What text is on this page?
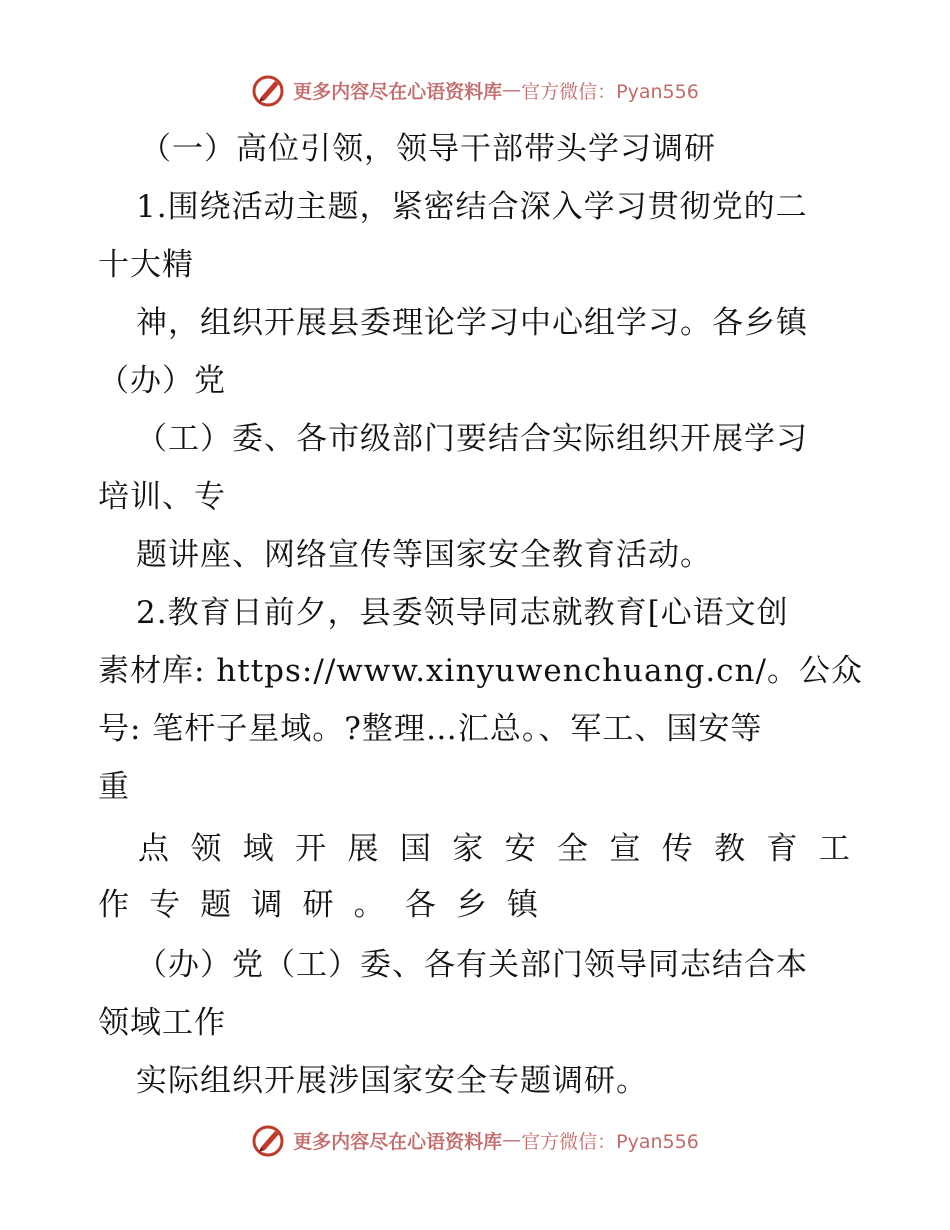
更多内容尽在心语资料库 — 官方微信：Pyan556
（一）高位引领，领导干部带头学习调研
1.围绕活动主题，紧密结合深入学习贯彻党的二
十大精
神，组织开展县委理论学习中心组学习。各乡镇
（办）党
（工）委、各市级部门要结合实际组织开展学习
培训、专
题讲座、网络宣传等国家安全教育活动。
2.教育日前夕，县委领导同志就教育[心语文创
素材库: https://www.xinyuwenchuang.cn/。公众
号: 笔杆子星域。?整理…汇总。、军工、国安等
重
点 领 域 开 展 国 家 安 全 宣 传 教 育 工
作 专 题 调 研 。 各 乡 镇
（办）党（工）委、各有关部门领导同志结合本
领域工作
实际组织开展涉国家安全专题调研。
更多内容尽在心语资料库 — 官方微信：Pyan556
